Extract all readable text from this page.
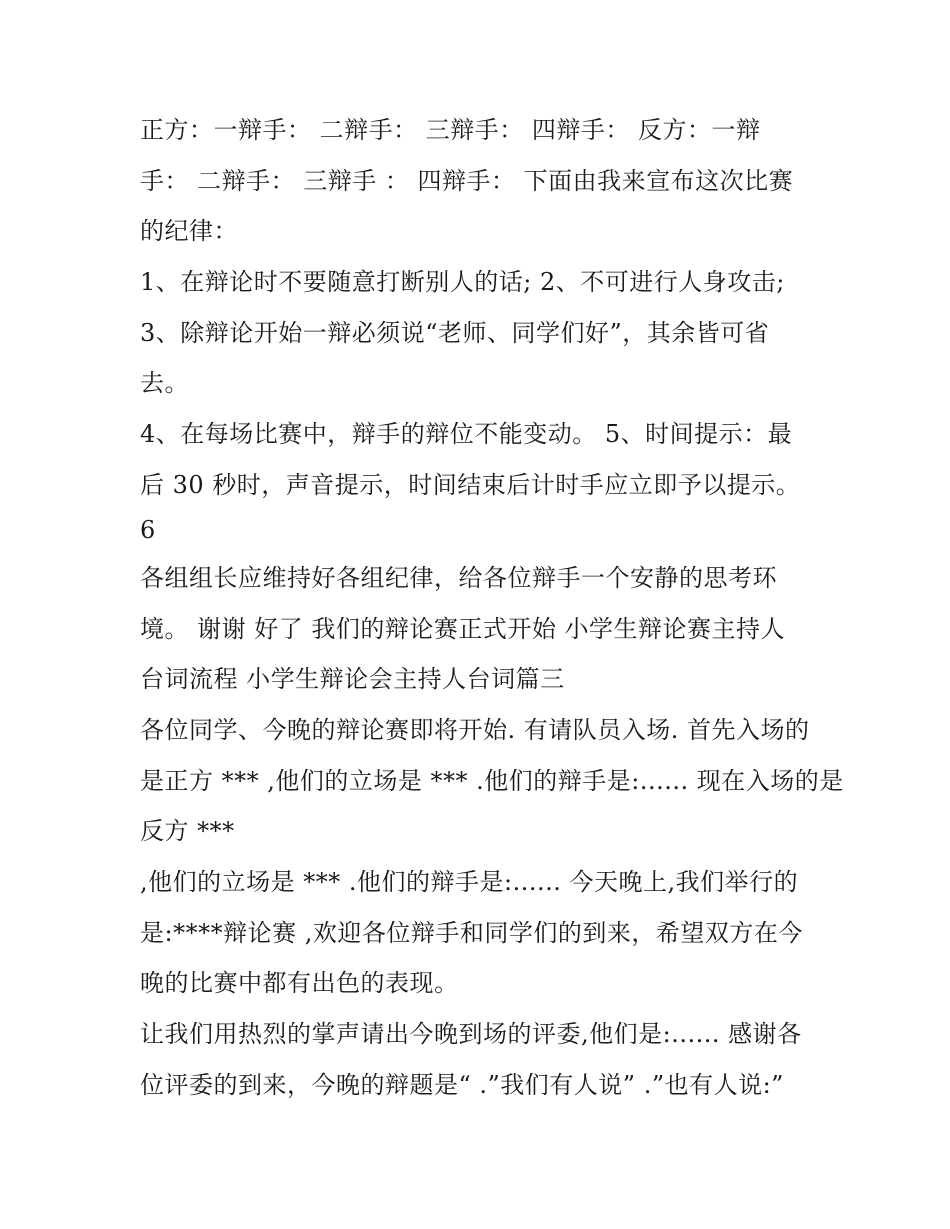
正方：一辩手： 二辩手： 三辩手： 四辩手： 反方：一辩
手： 二辩手： 三辩手 ： 四辩手： 下面由我来宣布这次比赛
的纪律：
1、在辩论时不要随意打断别人的话; 2、不可进行人身攻击;
3、除辩论开始一辩必须说“老师、同学们好”，其余皆可省
去。
4、在每场比赛中，辩手的辩位不能变动。 5、时间提示：最
后 30 秒时，声音提示，时间结束后计时手应立即予以提示。
6
各组组长应维持好各组纪律，给各位辩手一个安静的思考环
境。 谢谢 好了 我们的辩论赛正式开始 小学生辩论赛主持人
台词流程 小学生辩论会主持人台词篇三
各位同学、今晚的辩论赛即将开始. 有请队员入场. 首先入场的
是正方 *** ,他们的立场是 *** .他们的辩手是:...... 现在入场的是
反方 ***
,他们的立场是 *** .他们的辩手是:...... 今天晚上,我们举行的
是:****辩论赛 ,欢迎各位辩手和同学们的到来，希望双方在今
晚的比赛中都有出色的表现。
让我们用热烈的掌声请出今晚到场的评委,他们是:...... 感谢各
位评委的到来，今晚的辩题是“ .”我们有人说” .”也有人说:”
